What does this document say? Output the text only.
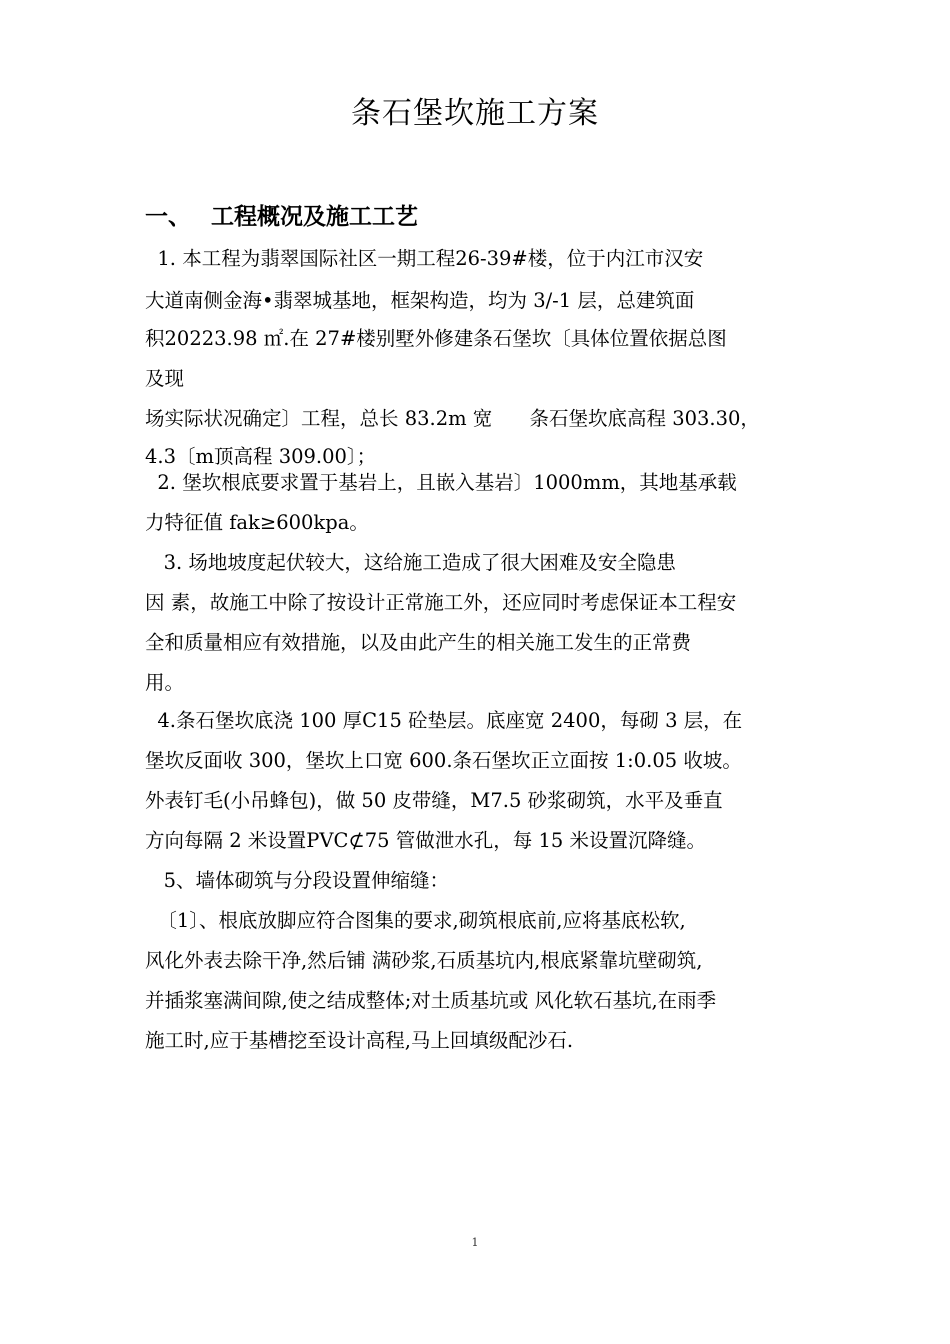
条石堡坎施工方案
一、 工程概况及施工工艺
1. 本工程为翡翠国际社区一期工程26-39#楼，位于内江市汉安
大道南侧金海•翡翠城基地，框架构造，均为 3/-1 层，总建筑面
积20223.98 ㎡.在 27#楼别墅外修建条石堡坎〔具体位置依据总图
及现
场实际状况确定〕工程，总长 83.2m 宽      条石堡坎底高程 303.30，
4.3〔m顶高程 309.00〕；
2. 堡坎根底要求置于基岩上，且嵌入基岩〕1000mm，其地基承载
力特征值 fak≥600kpa。
3. 场地坡度起伏较大，这给施工造成了很大困难及安全隐患
因 素，故施工中除了按设计正常施工外，还应同时考虑保证本工程安
全和质量相应有效措施，以及由此产生的相关施工发生的正常费
用。
4.条石堡坎底浇 100 厚C15 砼垫层。底座宽 2400，每砌 3 层，在
堡坎反面收 300，堡坎上口宽 600.条石堡坎正立面按 1:0.05 收坡。
外表钉毛(小吊蜂包)，做 50 皮带缝，M7.5 砂浆砌筑，水平及垂直
方向每隔 2 米设置PVC⊄75 管做泄水孔，每 15 米设置沉降缝。
5、墙体砌筑与分段设置伸缩缝：
〔1〕、根底放脚应符合图集的要求,砌筑根底前,应将基底松软,
风化外表去除干净,然后铺 满砂浆,石质基坑内,根底紧靠坑壁砌筑,
并插浆塞满间隙,使之结成整体;对土质基坑或 风化软石基坑,在雨季
施工时,应于基槽挖至设计高程,马上回填级配沙石.
1
